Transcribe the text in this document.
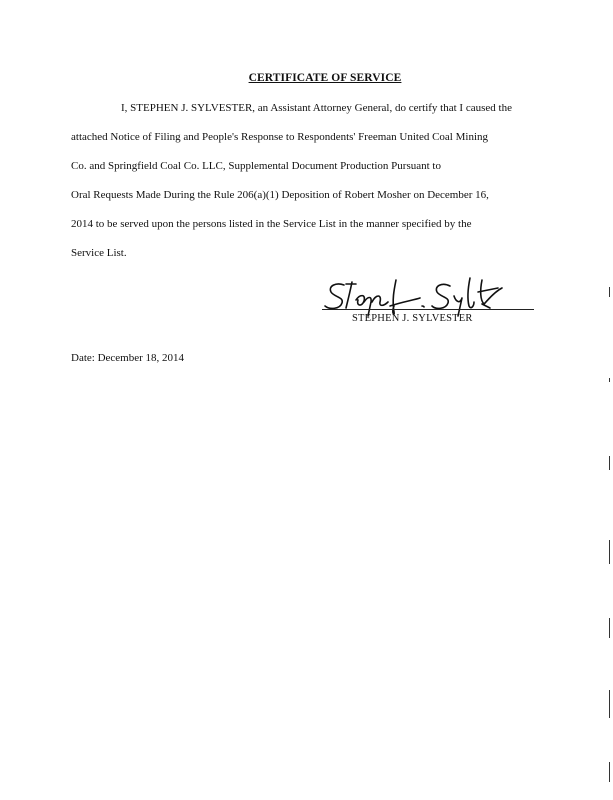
CERTIFICATE OF SERVICE
I, STEPHEN J. SYLVESTER, an Assistant Attorney General, do certify that I caused the
attached Notice of Filing and People's Response to Respondents' Freeman United Coal Mining
Co. and Springfield Coal Co. LLC, Supplemental Document Production Pursuant to
Oral Requests Made During the Rule 206(a)(1) Deposition of Robert Mosher on December 16,
2014 to be served upon the persons listed in the Service List in the manner specified by the
Service List.
STEPHEN J. SYLVESTER
Date: December 18, 2014
